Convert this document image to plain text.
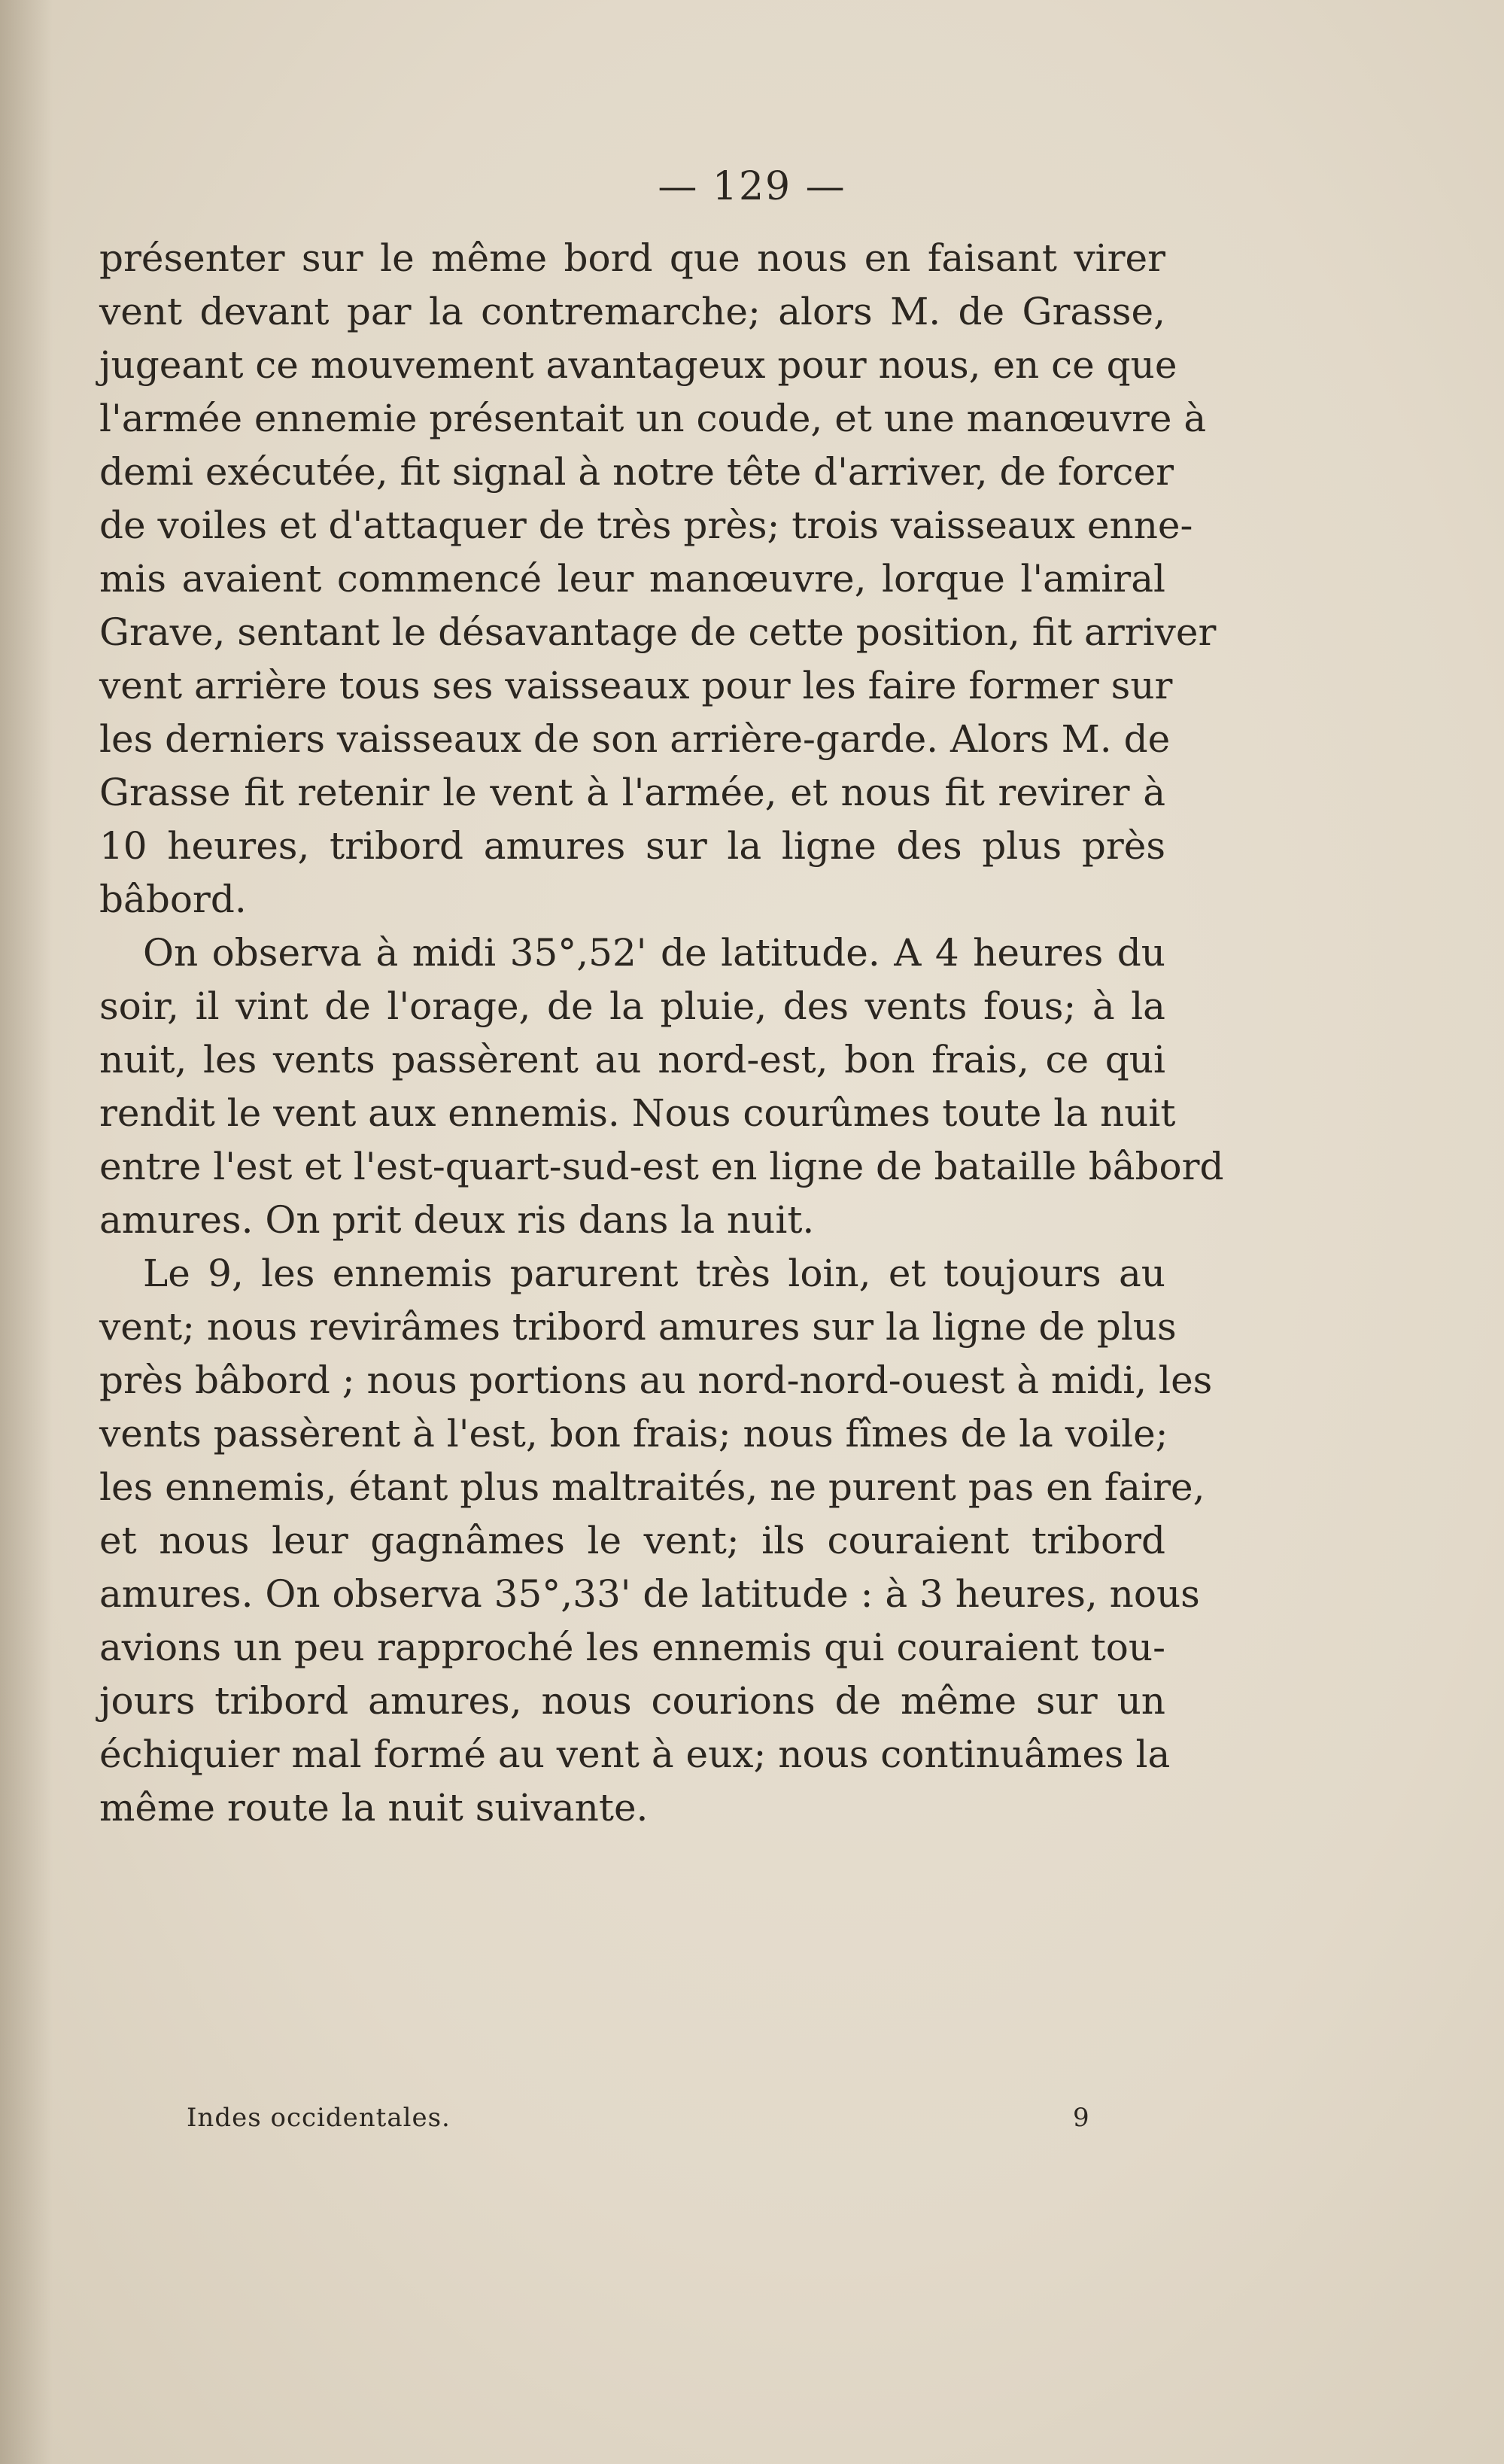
— 129 —
présenter sur le même bord que nous en faisant virer
vent devant par la contremarche; alors M. de Grasse,
jugeant ce mouvement avantageux pour nous, en ce que
l'armée ennemie présentait un coude, et une manœuvre à
demi exécutée, fit signal à notre tête d'arriver, de forcer
de voiles et d'attaquer de très près; trois vaisseaux enne-
mis avaient commencé leur manœuvre, lorque l'amiral
Grave, sentant le désavantage de cette position, fit arriver
vent arrière tous ses vaisseaux pour les faire former sur
les derniers vaisseaux de son arrière-garde. Alors M. de
Grasse fit retenir le vent à l'armée, et nous fit revirer à
10 heures, tribord amures sur la ligne des plus près
bâbord.
On observa à midi 35°,52' de latitude. A 4 heures du
soir, il vint de l'orage, de la pluie, des vents fous; à la
nuit, les vents passèrent au nord-est, bon frais, ce qui
rendit le vent aux ennemis. Nous courûmes toute la nuit
entre l'est et l'est-quart-sud-est en ligne de bataille bâbord
amures. On prit deux ris dans la nuit.
Le 9, les ennemis parurent très loin, et toujours au
vent; nous revirâmes tribord amures sur la ligne de plus
près bâbord ; nous portions au nord-nord-ouest à midi, les
vents passèrent à l'est, bon frais; nous fîmes de la voile;
les ennemis, étant plus maltraités, ne purent pas en faire,
et nous leur gagnâmes le vent; ils couraient tribord
amures. On observa 35°,33' de latitude : à 3 heures, nous
avions un peu rapproché les ennemis qui couraient tou-
jours tribord amures, nous courions de même sur un
échiquier mal formé au vent à eux; nous continuâmes la
même route la nuit suivante.
Indes occidentales.	9
